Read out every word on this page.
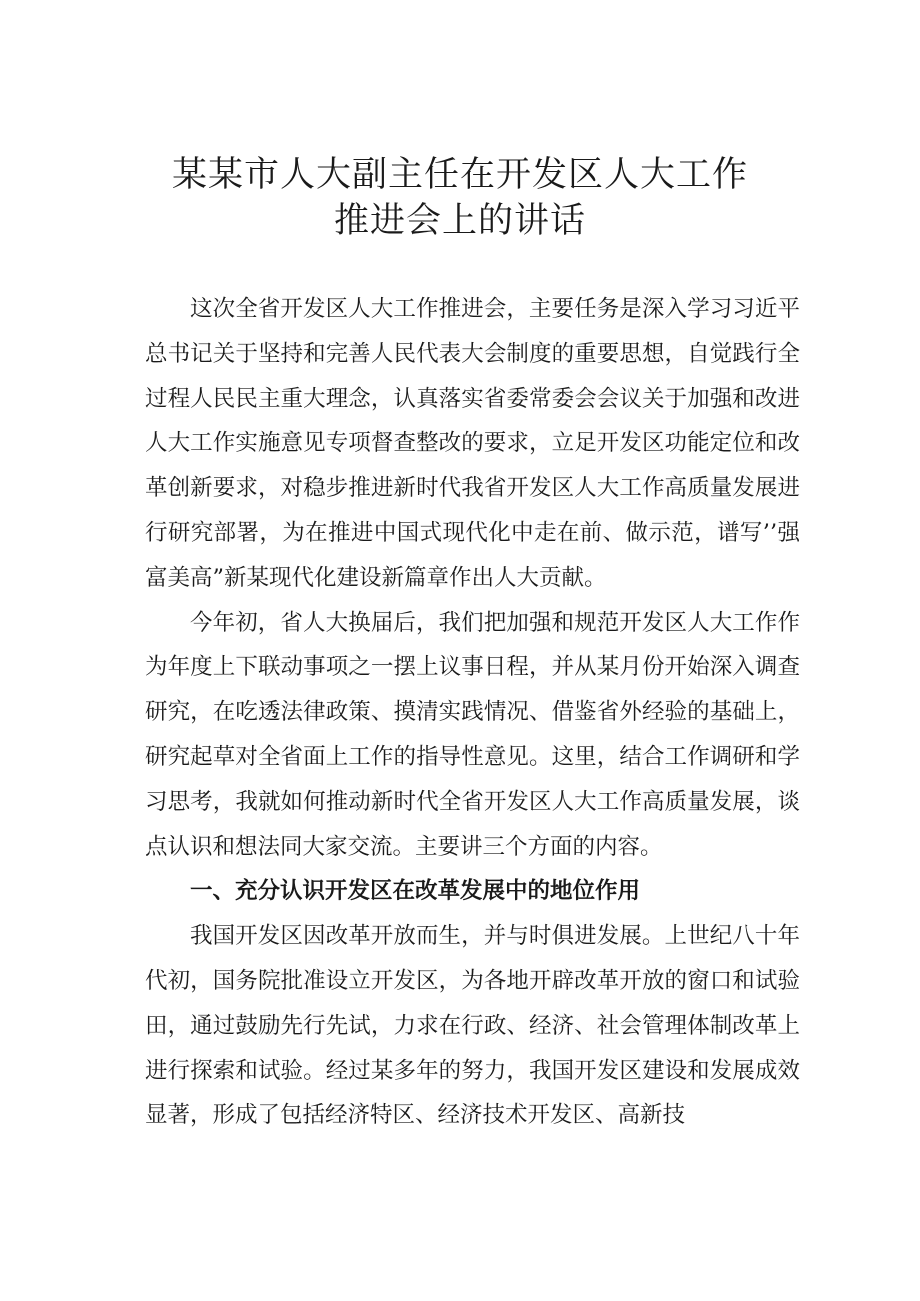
某某市人大副主任在开发区人大工作
推进会上的讲话

这次全省开发区人大工作推进会，主要任务是深入学习习近平总书记关于坚持和完善人民代表大会制度的重要思想，自觉践行全过程人民民主重大理念，认真落实省委常委会会议关于加强和改进人大工作实施意见专项督查整改的要求，立足开发区功能定位和改革创新要求，对稳步推进新时代我省开发区人大工作高质量发展进行研究部署，为在推进中国式现代化中走在前、做示范，谱写’’强富美高”新某现代化建设新篇章作出人大贡献。

今年初，省人大换届后，我们把加强和规范开发区人大工作作为年度上下联动事项之一摆上议事日程，并从某月份开始深入调查研究，在吃透法律政策、摸清实践情况、借鉴省外经验的基础上，研究起草对全省面上工作的指导性意见。这里，结合工作调研和学习思考，我就如何推动新时代全省开发区人大工作高质量发展，谈点认识和想法同大家交流。主要讲三个方面的内容。

一、充分认识开发区在改革发展中的地位作用

我国开发区因改革开放而生，并与时俱进发展。上世纪八十年代初，国务院批准设立开发区，为各地开辟改革开放的窗口和试验田，通过鼓励先行先试，力求在行政、经济、社会管理体制改革上进行探索和试验。经过某多年的努力，我国开发区建设和发展成效显著，形成了包括经济特区、经济技术开发区、高新技
